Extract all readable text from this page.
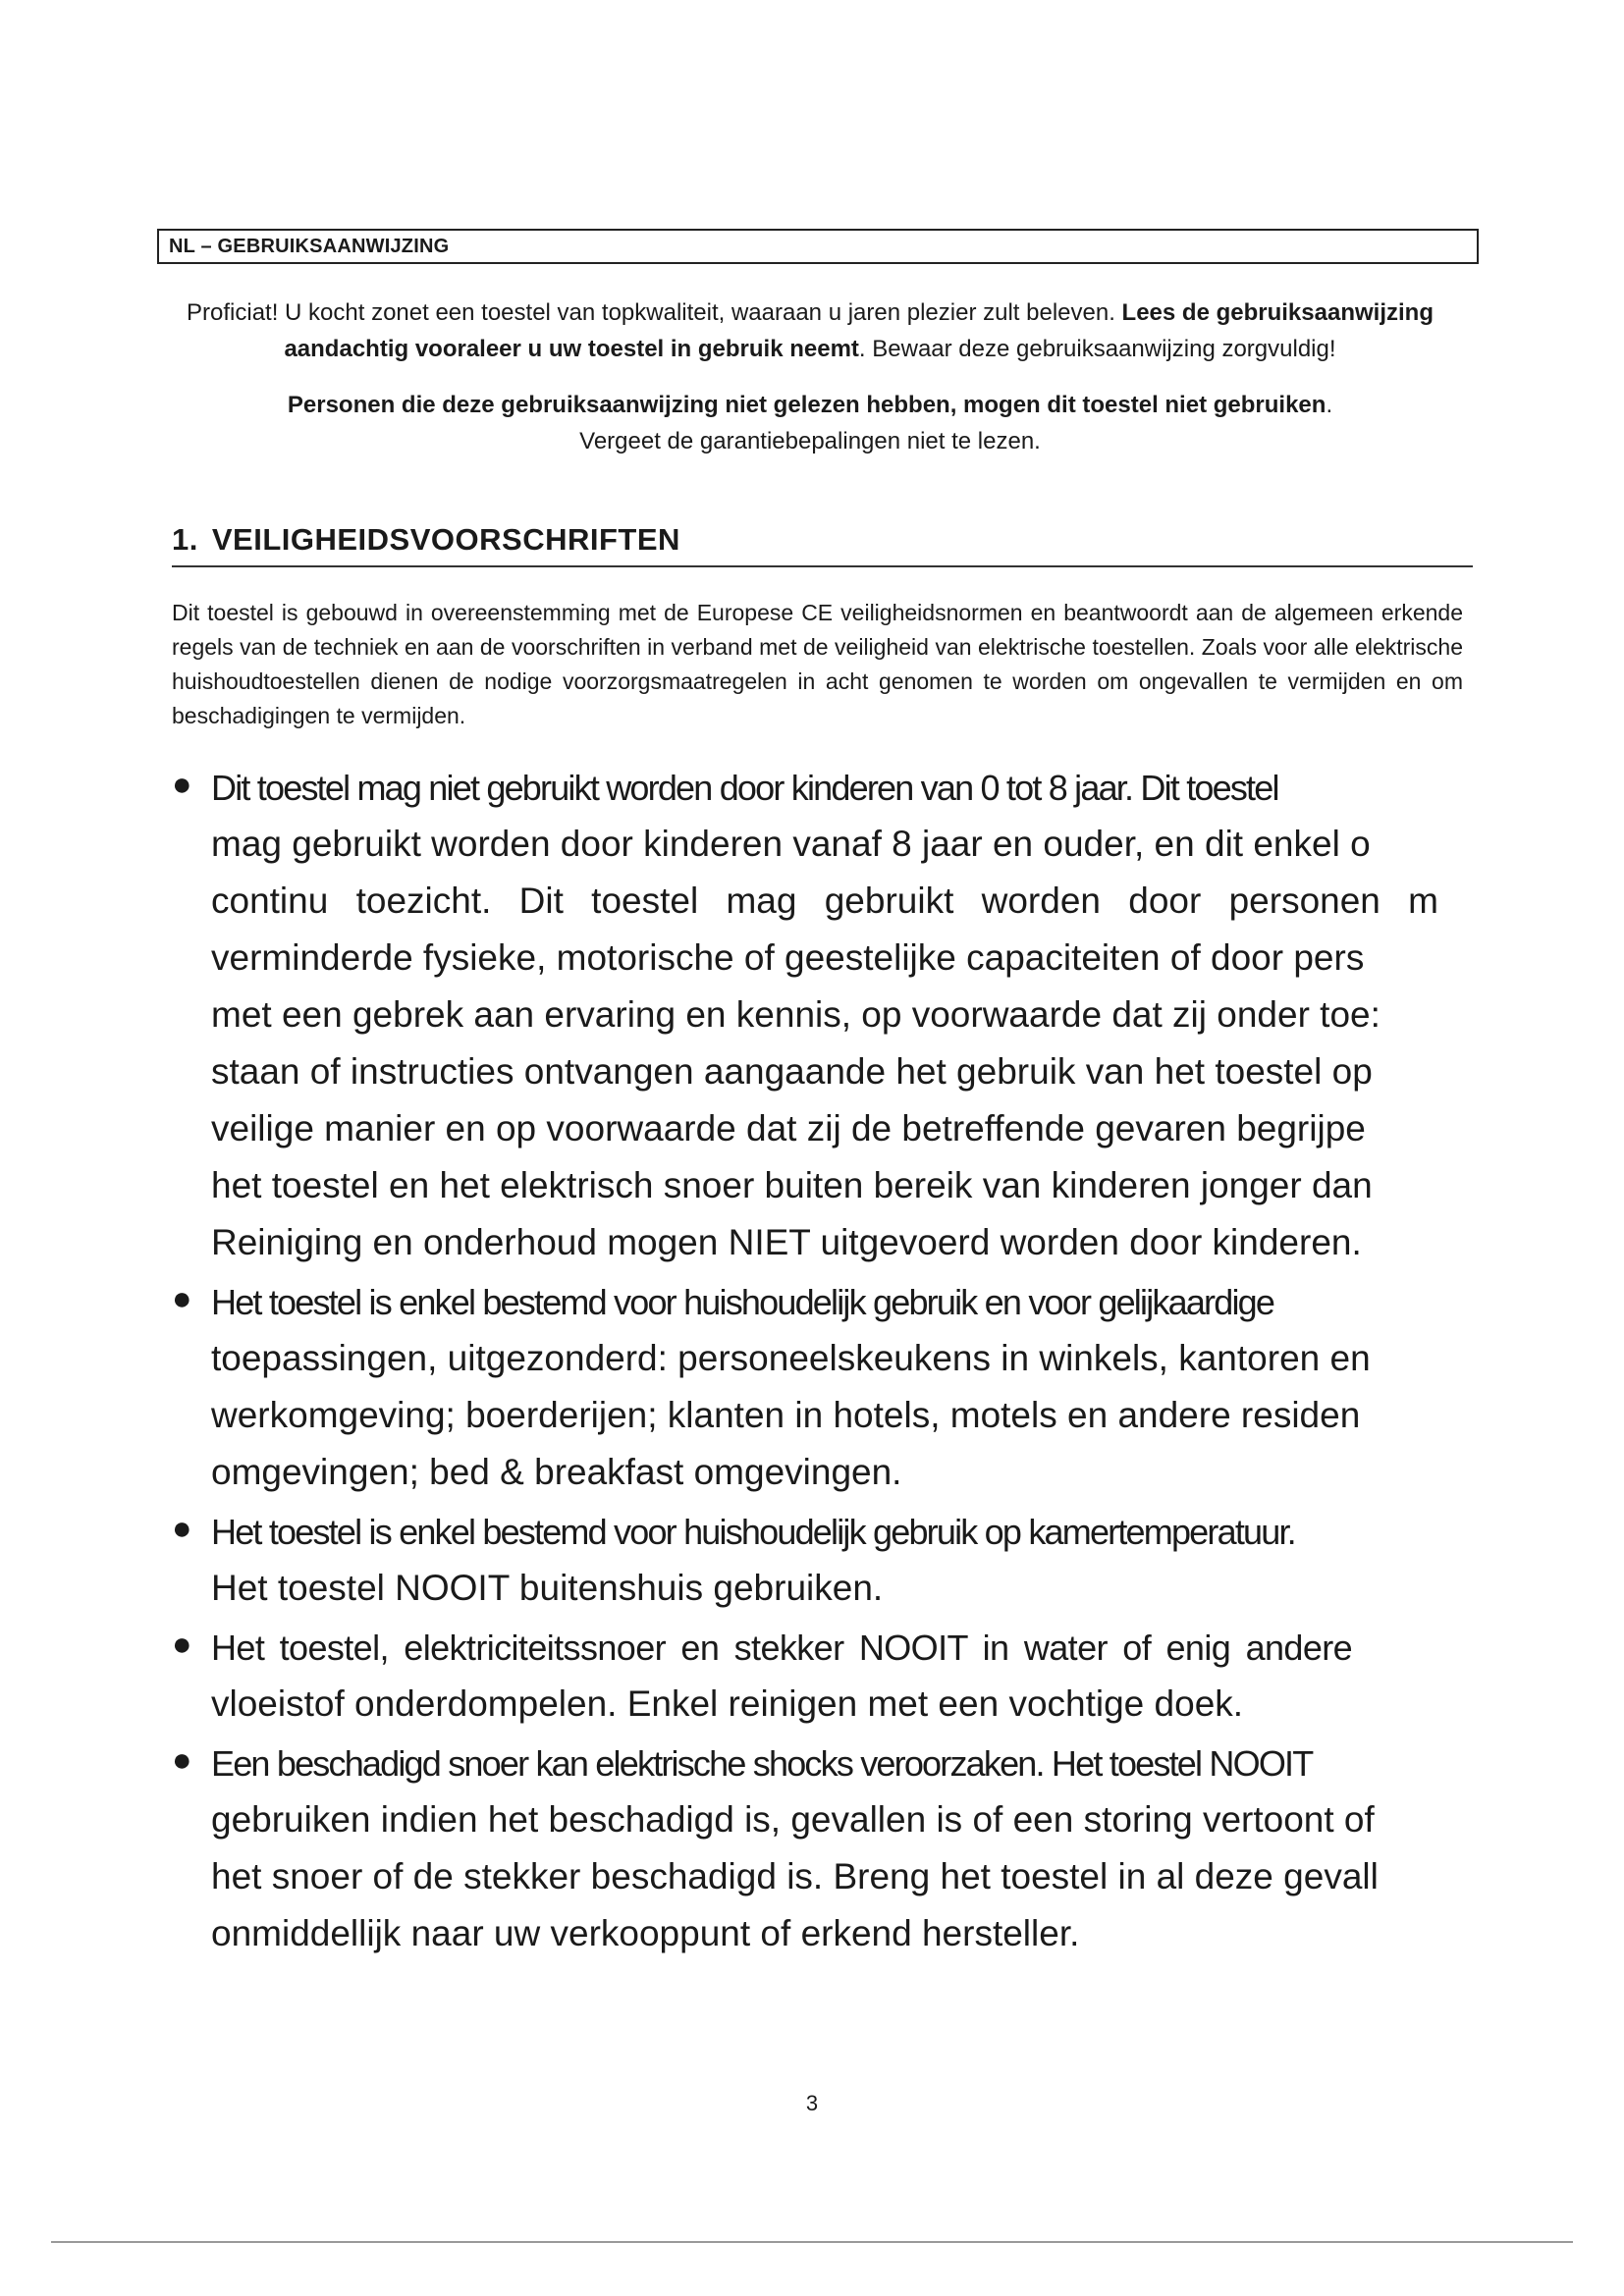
NL – GEBRUIKSAANWIJZING

Proficiat! U kocht zonet een toestel van topkwaliteit, waaraan u jaren plezier zult beleven. Lees de gebruiksaanwijzing aandachtig vooraleer u uw toestel in gebruik neemt. Bewaar deze gebruiksaanwijzing zorgvuldig!

Personen die deze gebruiksaanwijzing niet gelezen hebben, mogen dit toestel niet gebruiken.
Vergeet de garantiebepalingen niet te lezen.

1. VEILIGHEIDSVOORSCHRIFTEN
Dit toestel is gebouwd in overeenstemming met de Europese CE veiligheidsnormen en beantwoordt aan de algemeen erkende regels van de techniek en aan de voorschriften in verband met de veiligheid van elektrische toestellen. Zoals voor alle elektrische huishoudtoestellen dienen de nodige voorzorgsmaatregelen in acht genomen te worden om ongevallen te vermijden en om beschadigingen te vermijden.
● Dit toestel mag niet gebruikt worden door kinderen van 0 tot 8 jaar. Dit toestel
mag gebruikt worden door kinderen vanaf 8 jaar en ouder, en dit enkel o
continu toezicht. Dit toestel mag gebruikt worden door personen m
verminderde fysieke, motorische of geestelijke capaciteiten of door pers
met een gebrek aan ervaring en kennis, op voorwaarde dat zij onder toe:
staan of instructies ontvangen aangaande het gebruik van het toestel op
veilige manier en op voorwaarde dat zij de betreffende gevaren begrijpe
het toestel en het elektrisch snoer buiten bereik van kinderen jonger dan
Reiniging en onderhoud mogen NIET uitgevoerd worden door kinderen.
● Het toestel is enkel bestemd voor huishoudelijk gebruik en voor gelijkaardige
toepassingen, uitgezonderd: personeelskeukens in winkels, kantoren en
werkomgeving; boerderijen; klanten in hotels, motels en andere residen
omgevingen; bed & breakfast omgevingen.
● Het toestel is enkel bestemd voor huishoudelijk gebruik op kamertemperatuur.
Het toestel NOOIT buitenshuis gebruiken.
● Het toestel, elektriciteitssnoer en stekker NOOIT in water of enig andere
vloeistof onderdompelen. Enkel reinigen met een vochtige doek.
● Een beschadigd snoer kan elektrische shocks veroorzaken. Het toestel NOOIT
gebruiken indien het beschadigd is, gevallen is of een storing vertoont of
het snoer of de stekker beschadigd is. Breng het toestel in al deze gevall
onmiddellijk naar uw verkooppunt of erkend hersteller.
3
